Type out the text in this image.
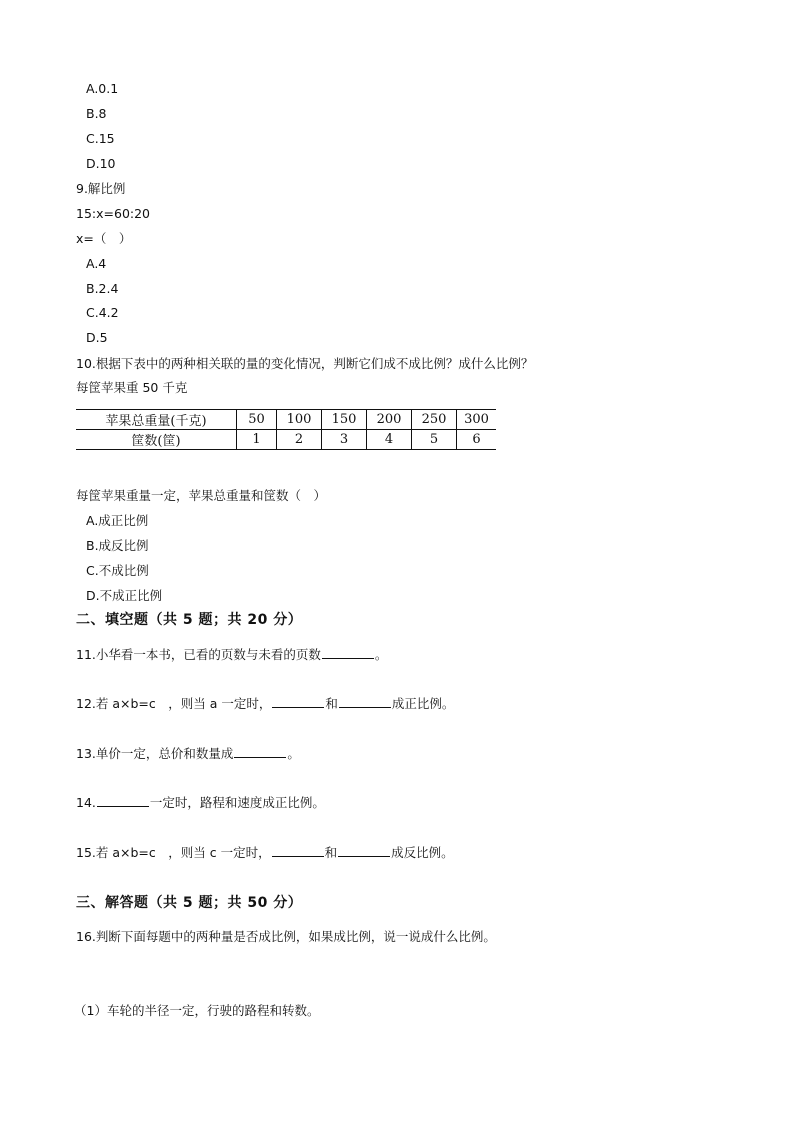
A.0.1
B.8
C.15
D.10
9.解比例
15:x=60:20
x=（　）
A.4
B.2.4
C.4.2
D.5
10.根据下表中的两种相关联的量的变化情况，判断它们成不成比例？成什么比例？
每筐苹果重 50 千克
苹果总重量(千克)	50	100	150	200	250	300
筐数(筐)	1	2	3	4	5	6
每筐苹果重量一定，苹果总重量和筐数（　）
A.成正比例
B.成反比例
C.不成比例
D.不成正比例
二、填空题（共 5 题；共 20 分）
11.小华看一本书，已看的页数与未看的页数	。
12.若 a×b=c　，则当 a 一定时，	和	成正比例。
13.单价一定，总价和数量成	。
14.	一定时，路程和速度成正比例。
15.若 a×b=c　，则当 c 一定时，	和	成反比例。
三、解答题（共 5 题；共 50 分）
16.判断下面每题中的两种量是否成比例，如果成比例，说一说成什么比例。
（1）车轮的半径一定，行驶的路程和转数。
